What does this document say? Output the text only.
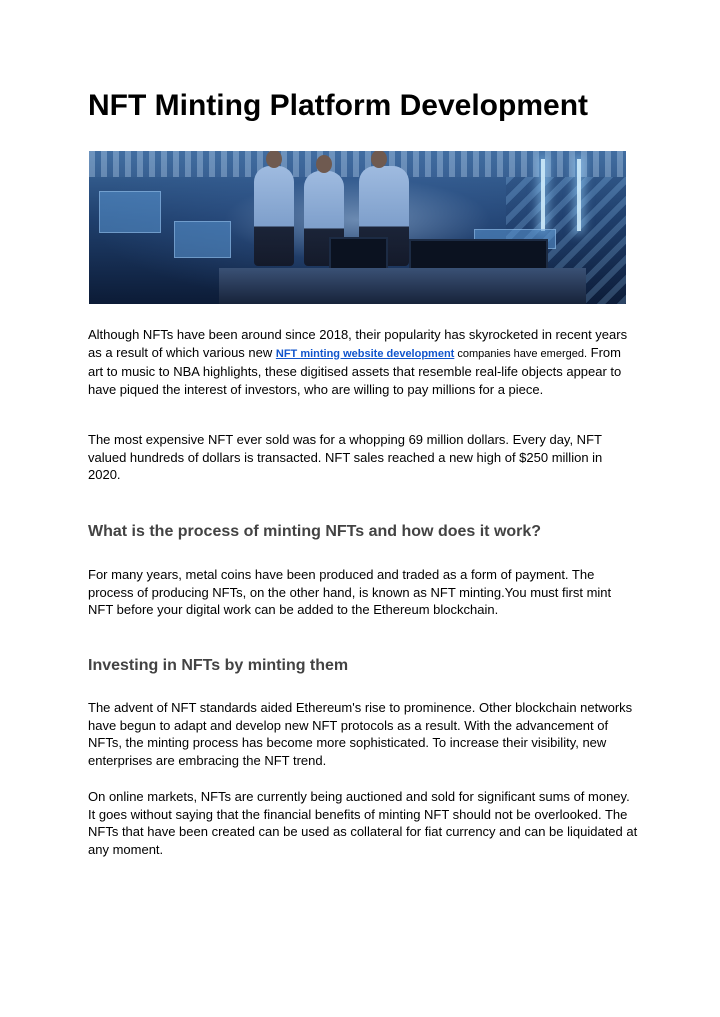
NFT Minting Platform Development

Although NFTs have been around since 2018, their popularity has skyrocketed in recent years as a result of which various new NFT minting website development companies have emerged. From art to music to NBA highlights, these digitised assets that resemble real-life objects appear to have piqued the interest of investors, who are willing to pay millions for a piece.

The most expensive NFT ever sold was for a whopping 69 million dollars. Every day, NFT valued hundreds of dollars is transacted. NFT sales reached a new high of $250 million in 2020.

What is the process of minting NFTs and how does it work?

For many years, metal coins have been produced and traded as a form of payment. The process of producing NFTs, on the other hand, is known as NFT minting.You must first mint NFT before your digital work can be added to the Ethereum blockchain.

Investing in NFTs by minting them

The advent of NFT standards aided Ethereum's rise to prominence. Other blockchain networks have begun to adapt and develop new NFT protocols as a result. With the advancement of NFTs, the minting process has become more sophisticated. To increase their visibility, new enterprises are embracing the NFT trend.

On online markets, NFTs are currently being auctioned and sold for significant sums of money. It goes without saying that the financial benefits of minting NFT should not be overlooked. The NFTs that have been created can be used as collateral for fiat currency and can be liquidated at any moment.
